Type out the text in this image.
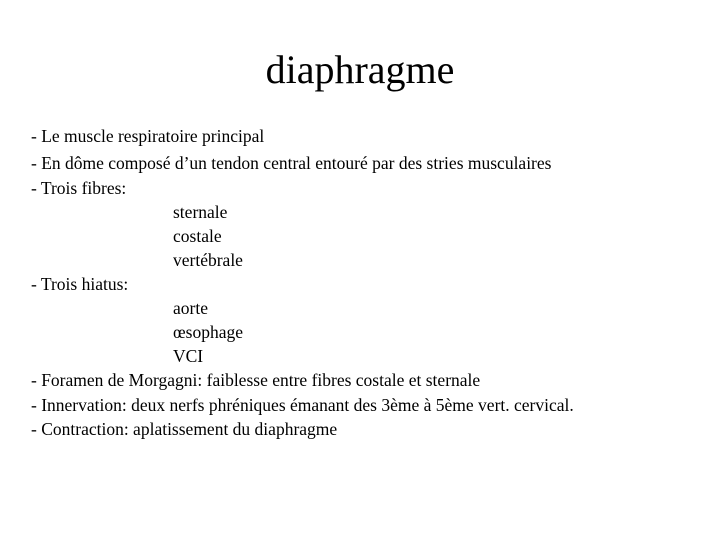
diaphragme
- Le muscle respiratoire principal
- En dôme composé d’un tendon central entouré par des stries musculaires
- Trois fibres:
sternale
costale
vertébrale
- Trois hiatus:
aorte
œsophage
VCI
- Foramen de Morgagni: faiblesse entre fibres costale et sternale
- Innervation: deux nerfs phréniques émanant des 3ème à 5ème vert. cervical.
- Contraction: aplatissement du diaphragme
